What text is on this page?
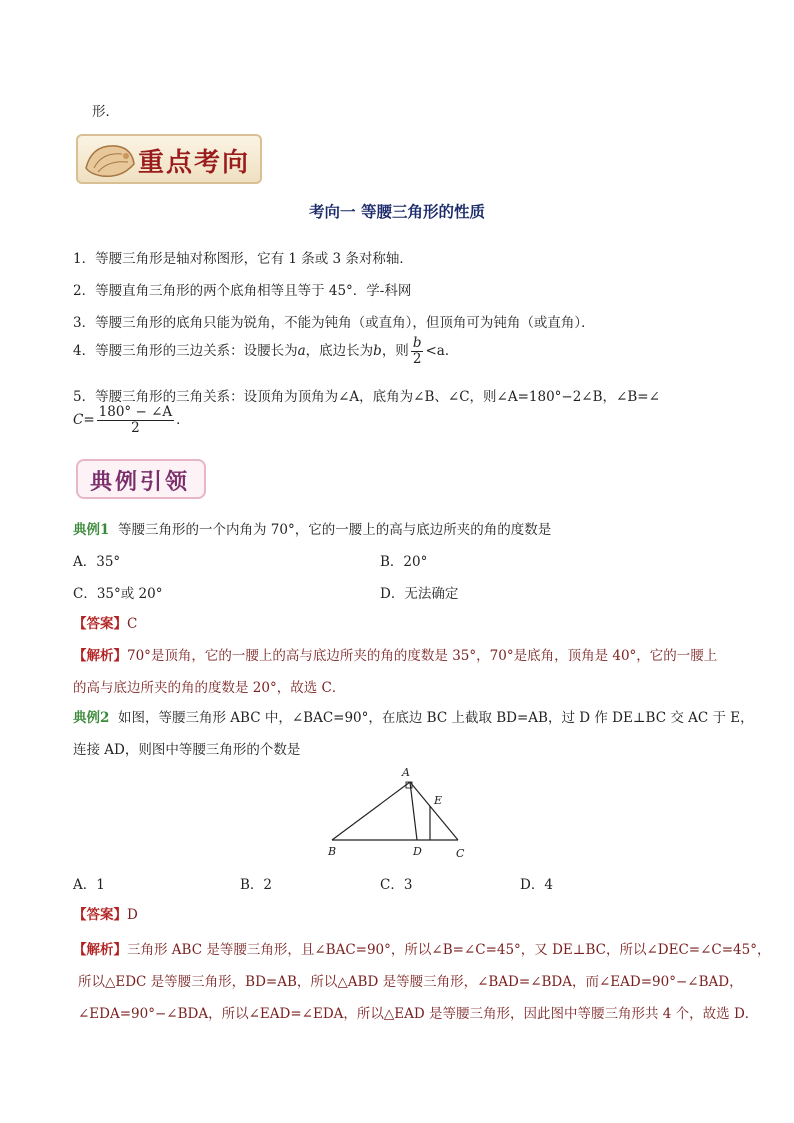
形．
重点考向
考向一 等腰三角形的性质
1．等腰三角形是轴对称图形，它有 1 条或 3 条对称轴．
2．等腰直角三角形的两个底角相等且等于 45°．学-科网
3．等腰三角形的底角只能为锐角，不能为钝角（或直角），但顶角可为钝角（或直角）．
4．等腰三角形的三边关系：设腰长为a，底边长为b，则 $\frac{b}{2} <a$．
5．等腰三角形的三角关系：设顶角为顶角为∠A，底角为∠B、∠C，则∠A=180°−2∠B，∠B=∠
$C= \frac{180^\circ - \angle A}{2}$ ．
典例引领
典例1 等腰三角形的一个内角为 70°，它的一腰上的高与底边所夹的角的度数是
A．35°	B．20°
C．35°或 20°	D．无法确定
【答案】C
【解析】70°是顶角，它的一腰上的高与底边所夹的角的度数是 35°，70°是底角，顶角是 40°，它的一腰上
的高与底边所夹的角的度数是 20°，故选 C．
典例2 如图，等腰三角形 ABC 中，∠BAC=90°，在底边 BC 上截取 BD=AB，过 D 作 DE⊥BC 交 AC 于 E，
连接 AD，则图中等腰三角形的个数是
A
E
B	D	C
A．1	B．2	C．3	D．4
【答案】D
【解析】三角形 ABC 是等腰三角形，且∠BAC=90°，所以∠B=∠C=45°，又 DE⊥BC，所以∠DEC=∠C=45°，
所以△EDC 是等腰三角形，BD=AB，所以△ABD 是等腰三角形，∠BAD=∠BDA，而∠EAD=90°−∠BAD，
∠EDA=90°−∠BDA，所以∠EAD=∠EDA，所以△EAD 是等腰三角形，因此图中等腰三角形共 4 个，故选 D．
